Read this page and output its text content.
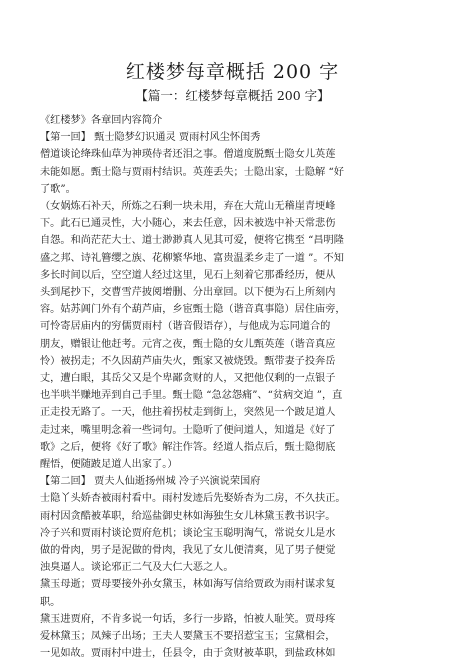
红楼梦每章概括 200 字
【篇一：红楼梦每章概括 200 字】
《红楼梦》各章回内容简介
【第一回】 甄士隐梦幻识通灵 贾雨村风尘怀闺秀
僧道谈论绛珠仙草为神瑛侍者还泪之事。僧道度脱甄士隐女儿英莲
未能如愿。甄士隐与贾雨村结识。英莲丢失；士隐出家，士隐解 “好
了歌”。
（女娲炼石补天，所炼之石剩一块未用，弃在大荒山无稽崖青埂峰
下。此石已通灵性，大小随心，来去任意，因未被选中补天常悲伤
自怨。和尚茫茫大士、道士渺渺真人见其可爱，便将它携至 “昌明隆
盛之邦、诗礼簪缨之族、花柳繁华地、富贵温柔乡走了一道 ”。不知
多长时间以后，空空道人经过这里，见石上刻着它那番经历，便从
头到尾抄下，交曹雪芹披阅增删、分出章回。以下便为石上所刻内
容。姑苏阊门外有个葫芦庙，乡宦甄士隐（谐音真事隐）居住庙旁，
可怜寄居庙内的穷儒贾雨村（谐音假语存），与他成为忘同道合的
朋友，赠银让他赶考。元宵之夜，甄士隐的女儿甄英莲（谐音真应
怜）被拐走；不久因葫芦庙失火，甄家又被烧毁。甄带妻子投奔岳
丈，遭白眼，其岳父又是个卑鄙贪财的人，又把他仅剩的一点银子
也半哄半赚地弄到自己手里。甄士隐 “急忿怨痛”、“贫病交迫 ”，直
正走投无路了。一天，他拄着拐杖走到街上，突然见一个跛足道人
走过来，嘴里明念着一些词句。士隐听了便问道人，知道是《好了
歌》之后，便将《好了歌》解注作答。经道人指点后，甄士隐彻底
醒悟，便随跛足道人出家了。）
【第二回】 贾夫人仙逝扬州城 冷子兴演说荣国府
士隐丫头娇杏被雨村看中。雨村发迹后先娶娇杏为二房，不久扶正。
雨村因贪酷被革职，给巡盐御史林如海独生女儿林黛玉教书识字。
冷子兴和贾雨村谈论贾府危机；谈论宝玉聪明淘气，常说女儿是水
做的骨肉，男子是泥做的骨肉，我见了女儿便清爽，见了男子便觉
浊臭逼人。谈论邪正二气及大仁大恶之人。
黛玉母逝；贾母要接外孙女黛玉，林如海写信给贾政为雨村谋求复
职。
黛玉进贾府，不肯多说一句话，多行一步路，怕被人耻笑。贾母疼
爱林黛玉；凤辣子出场；王夫人要黛玉不要招惹宝玉；宝黛相会，
一见如故。贾雨村中进士，任县令，由于贪财被革职，到盐政林如
